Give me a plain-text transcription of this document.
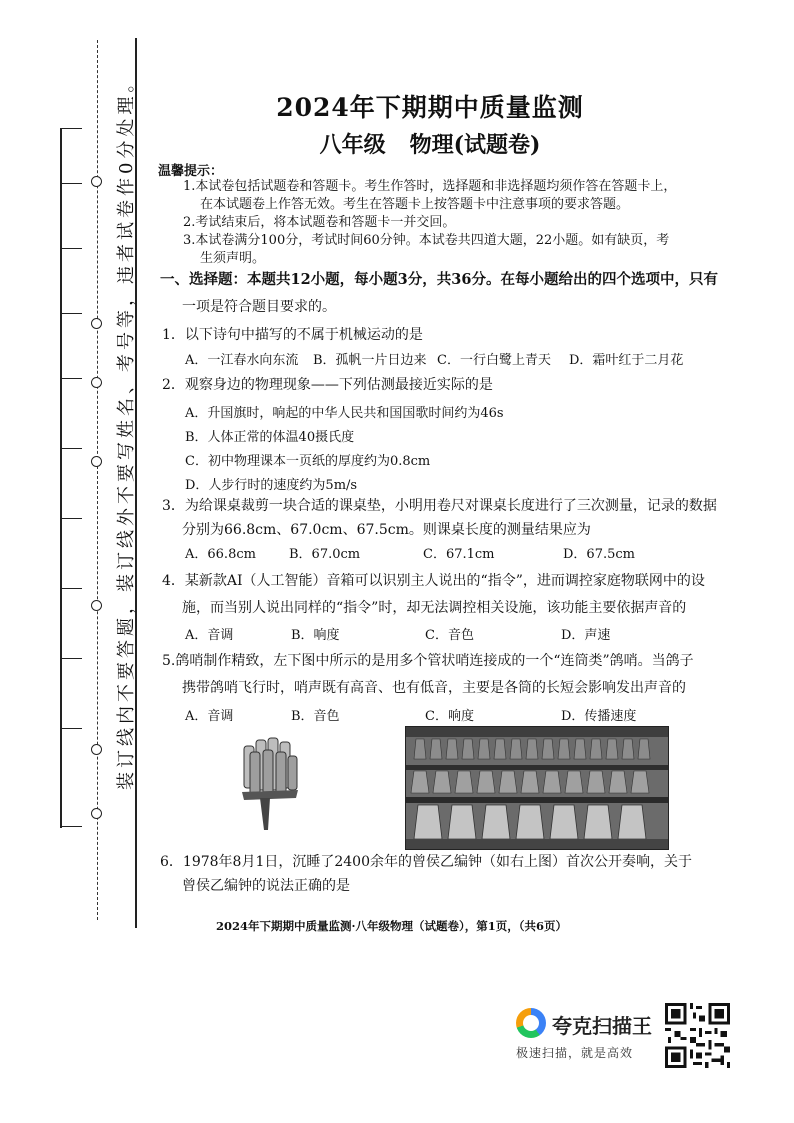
装订线内不要答题，装订线外不要写姓名、考号等，违者试卷作0分处理。	2024年下期期中质量监测
八年级 物理(试题卷)
温馨提示：
1.本试卷包括试题卷和答题卡。考生作答时，选择题和非选择题均须作答在答题卡上，
在本试题卷上作答无效。考生在答题卡上按答题卡中注意事项的要求答题。
2.考试结束后，将本试题卷和答题卡一并交回。
3.本试卷满分100分，考试时间60分钟。本试卷共四道大题，22小题。如有缺页，考
生须声明。
一、选择题：本题共12小题，每小题3分，共36分。在每小题给出的四个选项中，只有
一项是符合题目要求的。
1．以下诗句中描写的不属于机械运动的是
A．一江春水向东流 B．孤帆一片日边来 C．一行白鹭上青天 D．霜叶红于二月花
2．观察身边的物理现象——下列估测最接近实际的是
A．升国旗时，响起的中华人民共和国国歌时间约为46s
B．人体正常的体温40摄氏度
C．初中物理课本一页纸的厚度约为0.8cm
D．人步行时的速度约为5m/s
3．为给课桌裁剪一块合适的课桌垫，小明用卷尺对课桌长度进行了三次测量，记录的数据
分别为66.8cm、67.0cm、67.5cm。则课桌长度的测量结果应为
A．66.8cm	B．67.0cm	C．67.1cm	D．67.5cm
4．某新款AI（人工智能）音箱可以识别主人说出的“指令”，进而调控家庭物联网中的设
施，而当别人说出同样的“指令”时，却无法调控相关设施，该功能主要依据声音的
A．音调	B．响度	C．音色	D．声速
5.鸽哨制作精致，左下图中所示的是用多个管状哨连接成的一个“连筒类”鸽哨。当鸽子
携带鸽哨飞行时，哨声既有高音、也有低音，主要是各筒的长短会影响发出声音的
A．音调	B．音色	C．响度	D．传播速度
6．1978年8月1日，沉睡了2400余年的曾侯乙编钟（如右上图）首次公开奏响，关于
曾侯乙编钟的说法正确的是
2024年下期期中质量监测·八年级物理（试题卷），第1页，（共6页）
夸克扫描王
极速扫描，就是高效
